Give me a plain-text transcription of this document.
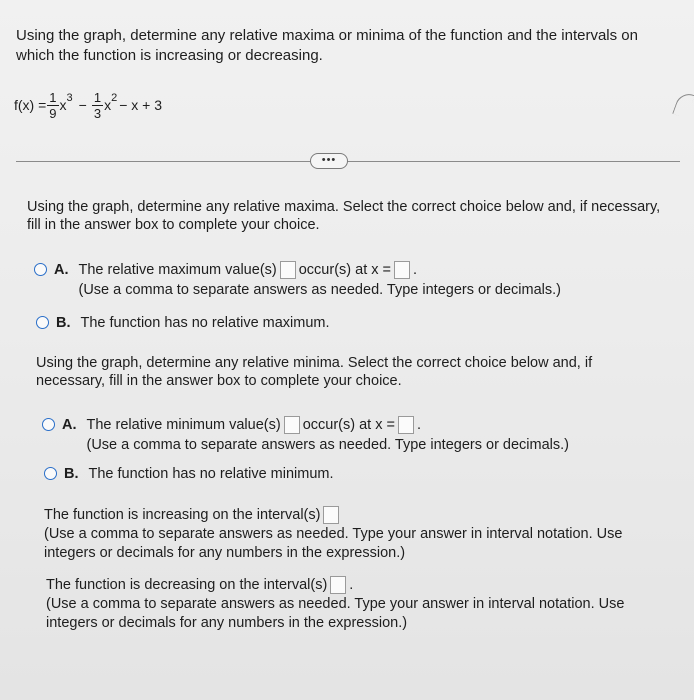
Using the graph, determine any relative maxima or minima of the function and the intervals on which the function is increasing or decreasing.
$f(x) = \frac{1}{9}$ x $3 - \frac{1}{3}$ x 2 − x + 3
•••
Using the graph, determine any relative maxima. Select the correct choice below and, if necessary, fill in the answer box to complete your choice.
A. The relative maximum value(s) occur(s) at x = .
(Use a comma to separate answers as needed. Type integers or decimals.)
B. The function has no relative maximum.
Using the graph, determine any relative minima. Select the correct choice below and, if necessary, fill in the answer box to complete your choice.
A. The relative minimum value(s) occur(s) at x = .
(Use a comma to separate answers as needed. Type integers or decimals.)
B. The function has no relative minimum.
The function is increasing on the interval(s)
(Use a comma to separate answers as needed. Type your answer in interval notation. Use integers or decimals for any numbers in the expression.)
The function is decreasing on the interval(s) .
(Use a comma to separate answers as needed. Type your answer in interval notation. Use integers or decimals for any numbers in the expression.)
